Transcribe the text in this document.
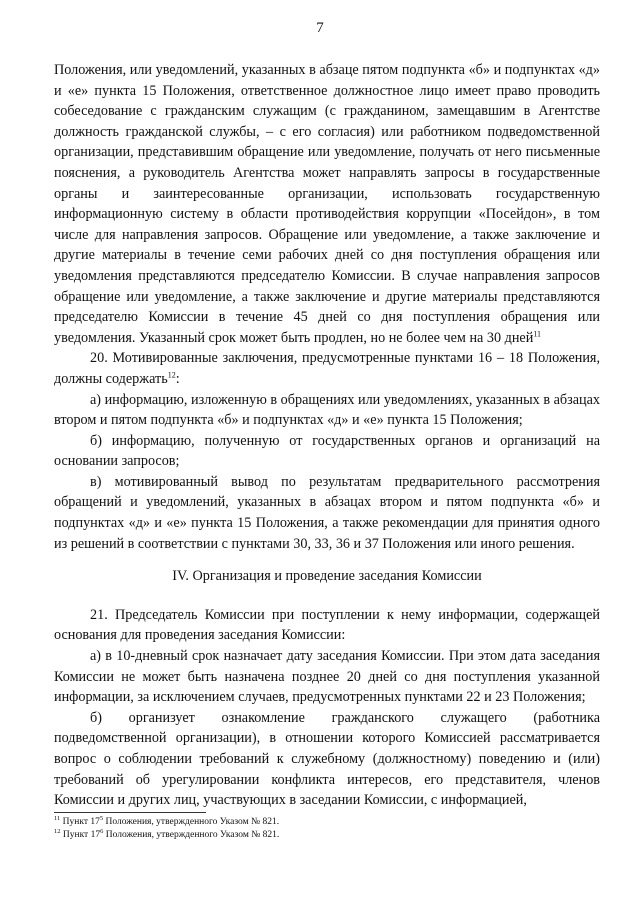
7

Положения, или уведомлений, указанных в абзаце пятом подпункта «б» и подпунктах «д» и «е» пункта 15 Положения, ответственное должностное лицо имеет право проводить собеседование с гражданским служащим (с гражданином, замещавшим в Агентстве должность гражданской службы, – с его согласия) или работником подведомственной организации, представившим обращение или уведомление, получать от него письменные пояснения, а руководитель Агентства может направлять запросы в государственные органы и заинтересованные организации, использовать государственную информационную систему в области противодействия коррупции «Посейдон», в том числе для направления запросов. Обращение или уведомление, а также заключение и другие материалы в течение семи рабочих дней со дня поступления обращения или уведомления представляются председателю Комиссии. В случае направления запросов обращение или уведомление, а также заключение и другие материалы представляются председателю Комиссии в течение 45 дней со дня поступления обращения или уведомления. Указанный срок может быть продлен, но не более чем на 30 дней$^{11}$

20. Мотивированные заключения, предусмотренные пунктами 16 – 18 Положения, должны содержать$^{12}$:

а) информацию, изложенную в обращениях или уведомлениях, указанных в абзацах втором и пятом подпункта «б» и подпунктах «д» и «е» пункта 15 Положения;

б) информацию, полученную от государственных органов и организаций на основании запросов;

в) мотивированный вывод по результатам предварительного рассмотрения обращений и уведомлений, указанных в абзацах втором и пятом подпункта «б» и подпунктах «д» и «е» пункта 15 Положения, а также рекомендации для принятия одного из решений в соответствии с пунктами 30, 33, 36 и 37 Положения или иного решения.

IV. Организация и проведение заседания Комиссии

21. Председатель Комиссии при поступлении к нему информации, содержащей основания для проведения заседания Комиссии:

а) в 10-дневный срок назначает дату заседания Комиссии. При этом дата заседания Комиссии не может быть назначена позднее 20 дней со дня поступления указанной информации, за исключением случаев, предусмотренных пунктами 22 и 23 Положения;

б) организует ознакомление гражданского служащего (работника подведомственной организации), в отношении которого Комиссией рассматривается вопрос о соблюдении требований к служебному (должностному) поведению и (или) требований об урегулировании конфликта интересов, его представителя, членов Комиссии и других лиц, участвующих в заседании Комиссии, с информацией,

$^{11}$ Пункт 17$^5$ Положения, утвержденного Указом № 821.
$^{12}$ Пункт 17$^6$ Положения, утвержденного Указом № 821.
